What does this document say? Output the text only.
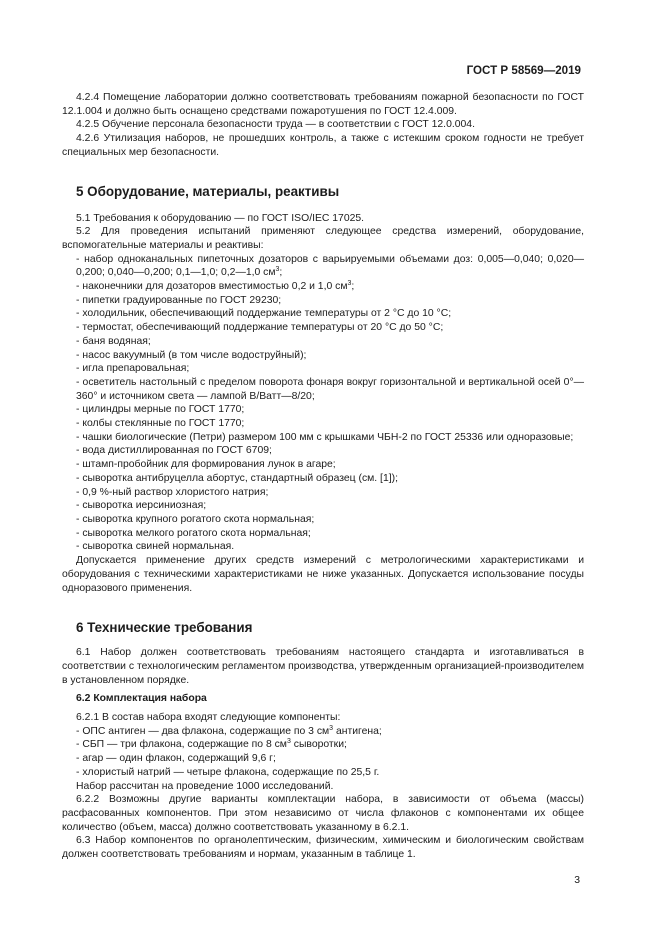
ГОСТ Р 58569—2019

4.2.4 Помещение лаборатории должно соответствовать требованиям пожарной безопасности по ГОСТ 12.1.004 и должно быть оснащено средствами пожаротушения по ГОСТ 12.4.009.

4.2.5 Обучение персонала безопасности труда — в соответствии с ГОСТ 12.0.004.

4.2.6 Утилизация наборов, не прошедших контроль, а также с истекшим сроком годности не требует специальных мер безопасности.

5 Оборудование, материалы, реактивы

5.1 Требования к оборудованию — по ГОСТ ISO/IEC 17025.

5.2 Для проведения испытаний применяют следующее средства измерений, оборудование, вспомогательные материалы и реактивы:

- набор одноканальных пипеточных дозаторов с варьируемыми объемами доз: 0,005—0,040; 0,020—0,200; 0,040—0,200; 0,1—1,0; 0,2—1,0 $см^3$;

- наконечники для дозаторов вместимостью 0,2 и 1,0 $см^3$;

- пипетки градуированные по ГОСТ 29230;

- холодильник, обеспечивающий поддержание температуры от 2 °С до 10 °С;

- термостат, обеспечивающий поддержание температуры от 20 °С до 50 °С;

- баня водяная;

- насос вакуумный (в том числе водоструйный);

- игла препаровальная;

- осветитель настольный с пределом поворота фонаря вокруг горизонтальной и вертикальной осей 0°—360° и источником света — лампой В/Ватт—8/20;

- цилиндры мерные по ГОСТ 1770;

- колбы стеклянные по ГОСТ 1770;

- чашки биологические (Петри) размером 100 мм с крышками ЧБН-2 по ГОСТ 25336 или одноразовые;

- вода дистиллированная по ГОСТ 6709;

- штамп-пробойник для формирования лунок в агаре;

- сыворотка антибруцелла абортус, стандартный образец (см. [1]);

- 0,9 %-ный раствор хлористого натрия;

- сыворотка иерсиниозная;

- сыворотка крупного рогатого скота нормальная;

- сыворотка мелкого рогатого скота нормальная;

- сыворотка свиней нормальная.

Допускается применение других средств измерений с метрологическими характеристиками и оборудования с техническими характеристиками не ниже указанных. Допускается использование посуды одноразового применения.

6 Технические требования

6.1 Набор должен соответствовать требованиям настоящего стандарта и изготавливаться в соответствии с технологическим регламентом производства, утвержденным организацией-производителем в установленном порядке.

6.2 Комплектация набора

6.2.1 В состав набора входят следующие компоненты:

- ОПС антиген — два флакона, содержащие по 3 $см^3$ антигена;

- СБП — три флакона, содержащие по 8 $см^3$ сыворотки;

- агар — один флакон, содержащий 9,6 г;

- хлористый натрий — четыре флакона, содержащие по 25,5 г.

Набор рассчитан на проведение 1000 исследований.

6.2.2 Возможны другие варианты комплектации набора, в зависимости от объема (массы) расфасованных компонентов. При этом независимо от числа флаконов с компонентами их общее количество (объем, масса) должно соответствовать указанному в 6.2.1.

6.3 Набор компонентов по органолептическим, физическим, химическим и биологическим свойствам должен соответствовать требованиям и нормам, указанным в таблице 1.

3
